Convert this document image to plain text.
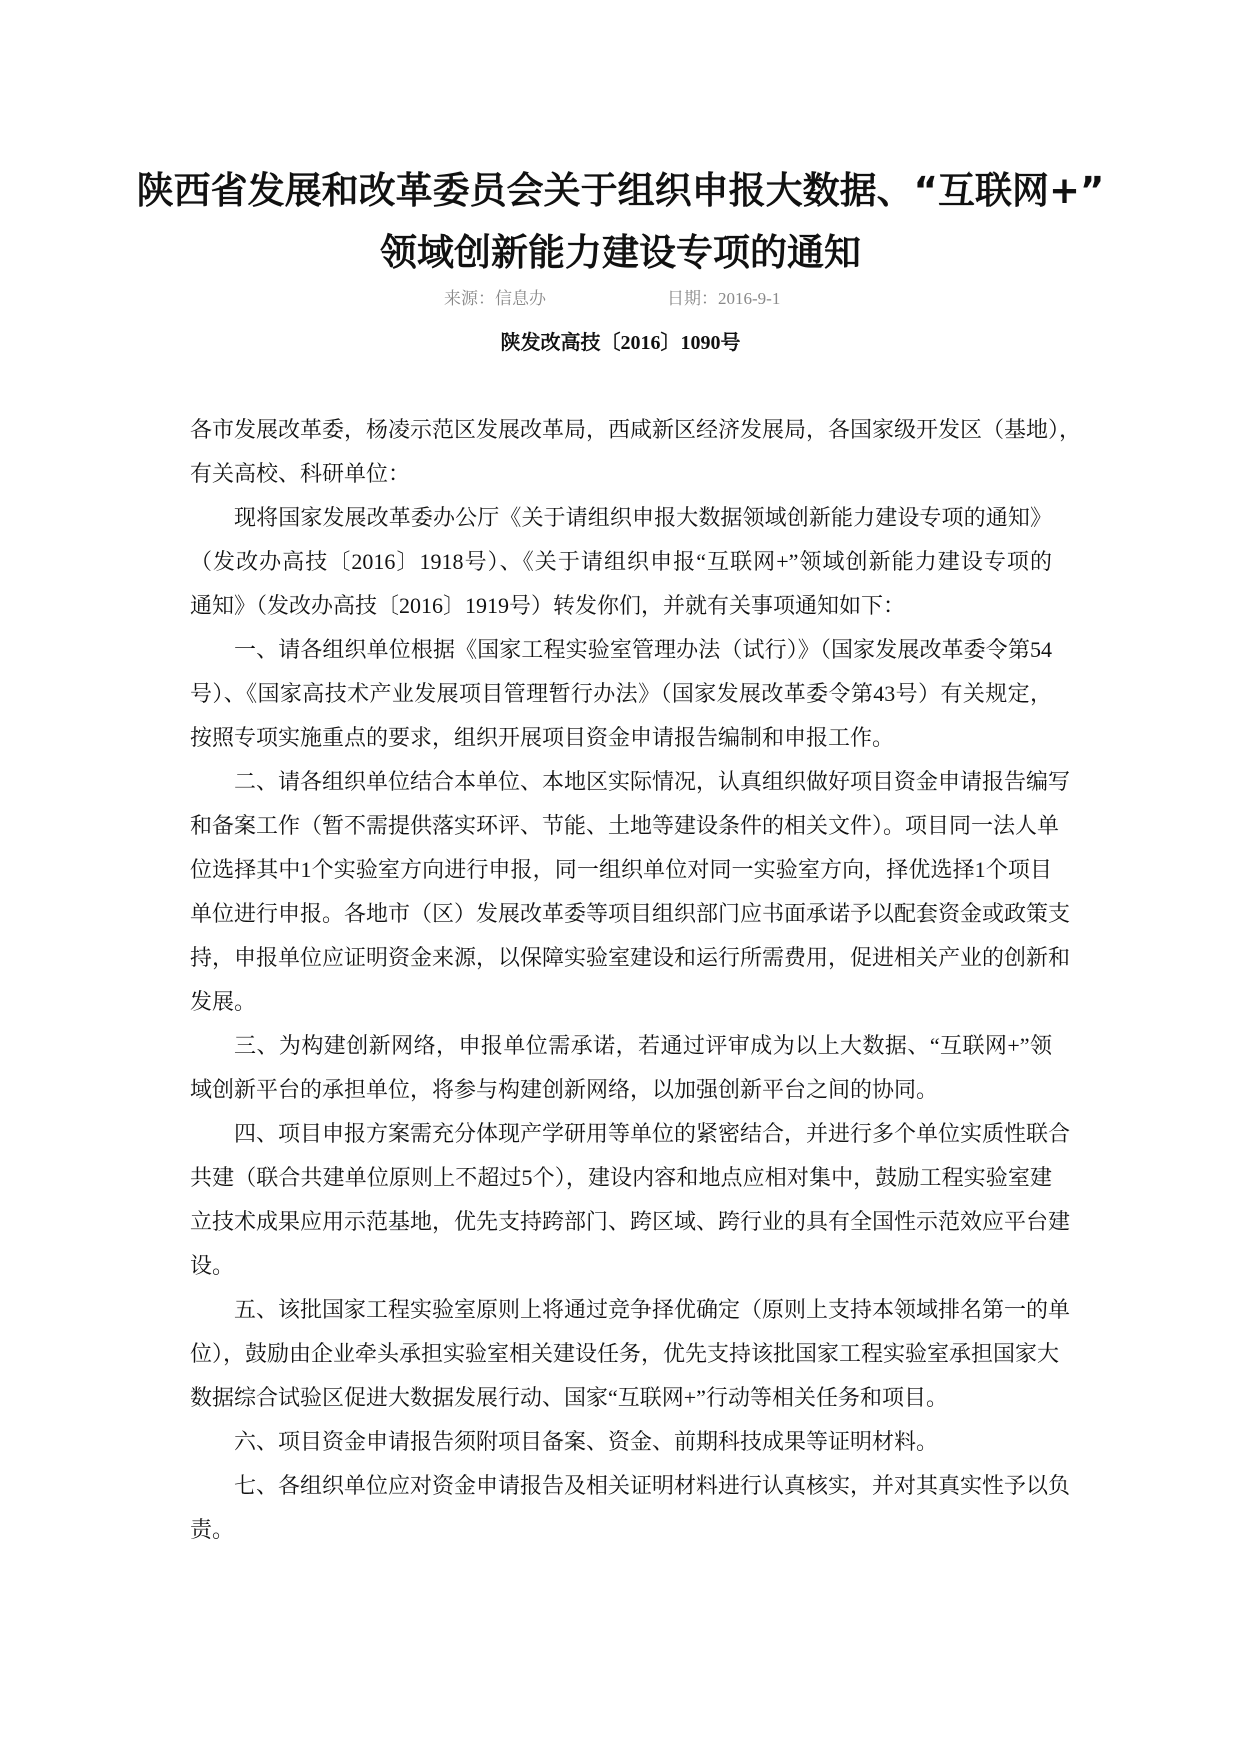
陕西省发展和改革委员会关于组织申报大数据、“互联网+”
领域创新能力建设专项的通知
来源：信息办	日期：2016-9-1
陕发改高技〔2016〕1090号
各市发展改革委，杨凌示范区发展改革局，西咸新区经济发展局，各国家级开发区（基地），
有关高校、科研单位：
现将国家发展改革委办公厅《关于请组织申报大数据领域创新能力建设专项的通知》
（发改办高技〔2016〕1918号）、《关于请组织申报“互联网+”领域创新能力建设专项的
通知》（发改办高技〔2016〕1919号）转发你们，并就有关事项通知如下：
一、请各组织单位根据《国家工程实验室管理办法（试行）》（国家发展改革委令第54
号）、《国家高技术产业发展项目管理暂行办法》（国家发展改革委令第43号）有关规定，
按照专项实施重点的要求，组织开展项目资金申请报告编制和申报工作。
二、请各组织单位结合本单位、本地区实际情况，认真组织做好项目资金申请报告编写
和备案工作（暂不需提供落实环评、节能、土地等建设条件的相关文件）。项目同一法人单
位选择其中1个实验室方向进行申报，同一组织单位对同一实验室方向，择优选择1个项目
单位进行申报。各地市（区）发展改革委等项目组织部门应书面承诺予以配套资金或政策支
持，申报单位应证明资金来源，以保障实验室建设和运行所需费用，促进相关产业的创新和
发展。
三、为构建创新网络，申报单位需承诺，若通过评审成为以上大数据、“互联网+”领
域创新平台的承担单位，将参与构建创新网络，以加强创新平台之间的协同。
四、项目申报方案需充分体现产学研用等单位的紧密结合，并进行多个单位实质性联合
共建（联合共建单位原则上不超过5个），建设内容和地点应相对集中，鼓励工程实验室建
立技术成果应用示范基地，优先支持跨部门、跨区域、跨行业的具有全国性示范效应平台建
设。
五、该批国家工程实验室原则上将通过竞争择优确定（原则上支持本领域排名第一的单
位），鼓励由企业牵头承担实验室相关建设任务，优先支持该批国家工程实验室承担国家大
数据综合试验区促进大数据发展行动、国家“互联网+”行动等相关任务和项目。
六、项目资金申请报告须附项目备案、资金、前期科技成果等证明材料。
七、各组织单位应对资金申请报告及相关证明材料进行认真核实，并对其真实性予以负
责。
